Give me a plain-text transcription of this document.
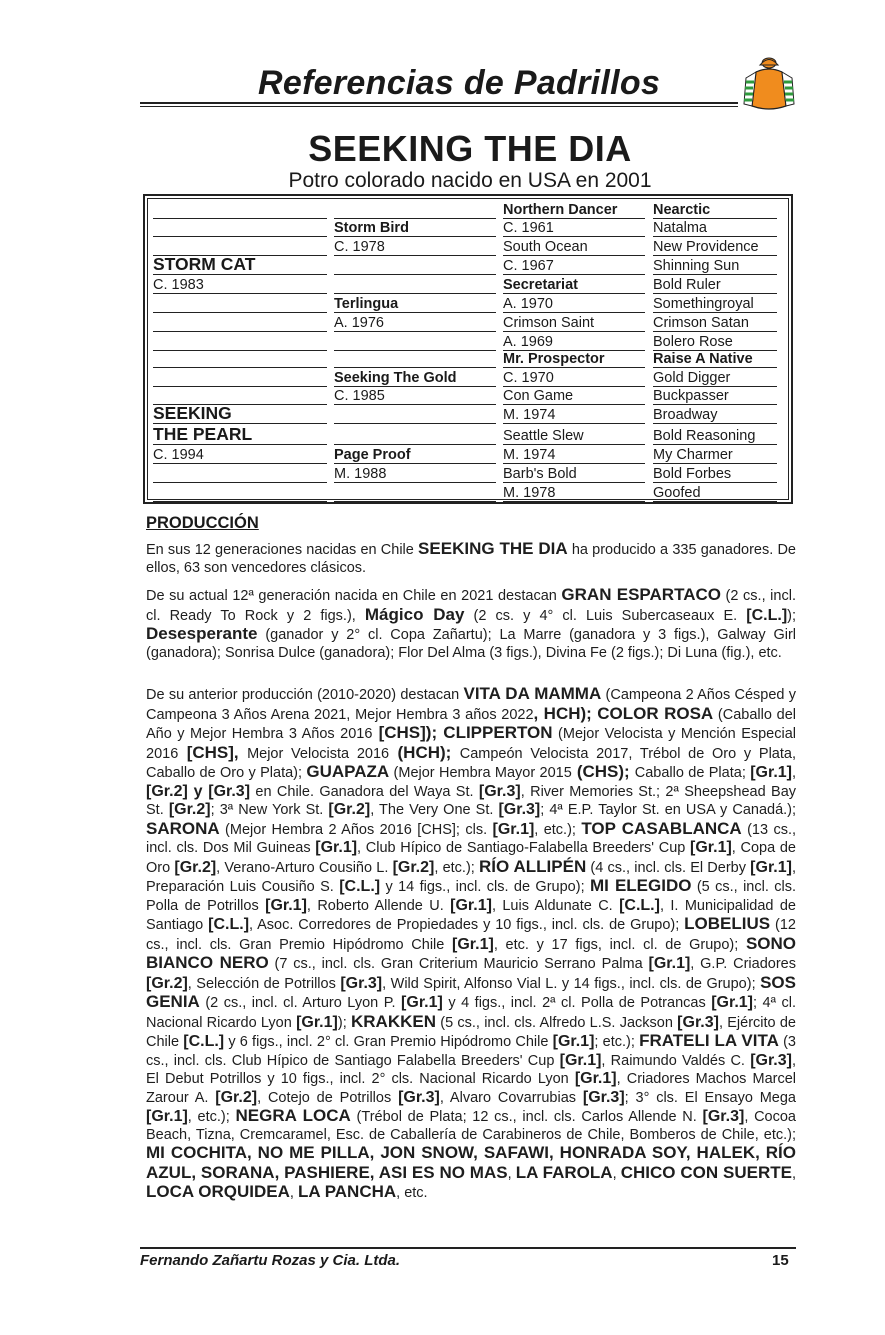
Referencias de Padrillos
SEEKING THE DIA
Potro colorado nacido en USA en 2001
STORM CAT
C. 1983
SEEKING
THE PEARL
C. 1994
Storm Bird
C. 1978
Terlingua
A. 1976
Seeking The Gold
C. 1985
Page Proof
M. 1988
Northern Dancer
C. 1961
South Ocean
C. 1967
Secretariat
A. 1970
Crimson Saint
A. 1969
Mr. Prospector
C. 1970
Con Game
M. 1974
Seattle Slew
M. 1974
Barb's Bold
M. 1978
Nearctic
Natalma
New Providence
Shinning Sun
Bold Ruler
Somethingroyal
Crimson Satan
Bolero Rose
Raise A Native
Gold Digger
Buckpasser
Broadway
Bold Reasoning
My Charmer
Bold Forbes
Goofed
PRODUCCIÓN
En sus 12 generaciones nacidas en Chile SEEKING THE DIA ha producido a 335 ganadores. De ellos, 63 son vencedores clásicos.
De su actual 12ª generación nacida en Chile en 2021 destacan GRAN ESPARTACO (2 cs., incl. cl. Ready To Rock y 2 figs.), Mágico Day (2 cs. y 4° cl. Luis Subercaseaux E. [C.L.]); Desesperante (ganador y 2° cl. Copa Zañartu); La Marre (ganadora y 3 figs.), Galway Girl (ganadora); Sonrisa Dulce (ganadora); Flor Del Alma (3 figs.), Divina Fe (2 figs.); Di Luna (fig.), etc.
De su anterior producción (2010-2020) destacan VITA DA MAMMA (Campeona 2 Años Césped y Campeona 3 Años Arena 2021, Mejor Hembra 3 años 2022, HCH); COLOR ROSA (Caballo del Año y Mejor Hembra 3 Años 2016 [CHS]); CLIPPERTON (Mejor Velocista y Mención Especial 2016 [CHS], Mejor Velocista 2016 (HCH); Campeón Velocista 2017, Trébol de Oro y Plata, Caballo de Oro y Plata); GUAPAZA (Mejor Hembra Mayor 2015 (CHS); Caballo de Plata; [Gr.1], [Gr.2] y [Gr.3] en Chile. Ganadora del Waya St. [Gr.3], River Memories St.; 2ª Sheepshead Bay St. [Gr.2]; 3ª New York St. [Gr.2], The Very One St. [Gr.3]; 4ª E.P. Taylor St. en USA y Canadá.); SARONA (Mejor Hembra 2 Años 2016 [CHS]; cls. [Gr.1], etc.); TOP CASABLANCA (13 cs., incl. cls. Dos Mil Guineas [Gr.1], Club Hípico de Santiago-Falabella Breeders' Cup [Gr.1], Copa de Oro [Gr.2], Verano-Arturo Cousiño L. [Gr.2], etc.); RÍO ALLIPÉN (4 cs., incl. cls. El Derby [Gr.1], Preparación Luis Cousiño S. [C.L.] y 14 figs., incl. cls. de Grupo); MI ELEGIDO (5 cs., incl. cls. Polla de Potrillos [Gr.1], Roberto Allende U. [Gr.1], Luis Aldunate C. [C.L.], I. Municipalidad de Santiago [C.L.], Asoc. Corredores de Propiedades y 10 figs., incl. cls. de Grupo); LOBELIUS (12 cs., incl. cls. Gran Premio Hipódromo Chile [Gr.1], etc. y 17 figs, incl. cl. de Grupo); SONO BIANCO NERO (7 cs., incl. cls. Gran Criterium Mauricio Serrano Palma [Gr.1], G.P. Criadores [Gr.2], Selección de Potrillos [Gr.3], Wild Spirit, Alfonso Vial L. y 14 figs., incl. cls. de Grupo); SOS GENIA (2 cs., incl. cl. Arturo Lyon P. [Gr.1] y 4 figs., incl. 2ª cl. Polla de Potrancas [Gr.1]; 4ª cl. Nacional Ricardo Lyon [Gr.1]); KRAKKEN (5 cs., incl. cls. Alfredo L.S. Jackson [Gr.3], Ejército de Chile [C.L.] y 6 figs., incl. 2° cl. Gran Premio Hipódromo Chile [Gr.1]; etc.); FRATELI LA VITA (3 cs., incl. cls. Club Hípico de Santiago Falabella Breeders' Cup [Gr.1], Raimundo Valdés C. [Gr.3], El Debut Potrillos y 10 figs., incl. 2° cls. Nacional Ricardo Lyon [Gr.1], Criadores Machos Marcel Zarour A. [Gr.2], Cotejo de Potrillos [Gr.3], Alvaro Covarrubias [Gr.3]; 3° cls. El Ensayo Mega [Gr.1], etc.); NEGRA LOCA (Trébol de Plata; 12 cs., incl. cls. Carlos Allende N. [Gr.3], Cocoa Beach, Tizna, Cremcaramel, Esc. de Caballería de Carabineros de Chile, Bomberos de Chile, etc.); MI COCHITA, NO ME PILLA, JON SNOW, SAFAWI, HONRADA SOY, HALEK, RÍO AZUL, SORANA, PASHIERE, ASI ES NO MAS, LA FAROLA, CHICO CON SUERTE, LOCA ORQUIDEA, LA PANCHA, etc.
Fernando Zañartu Rozas y Cia. Ltda.	15
